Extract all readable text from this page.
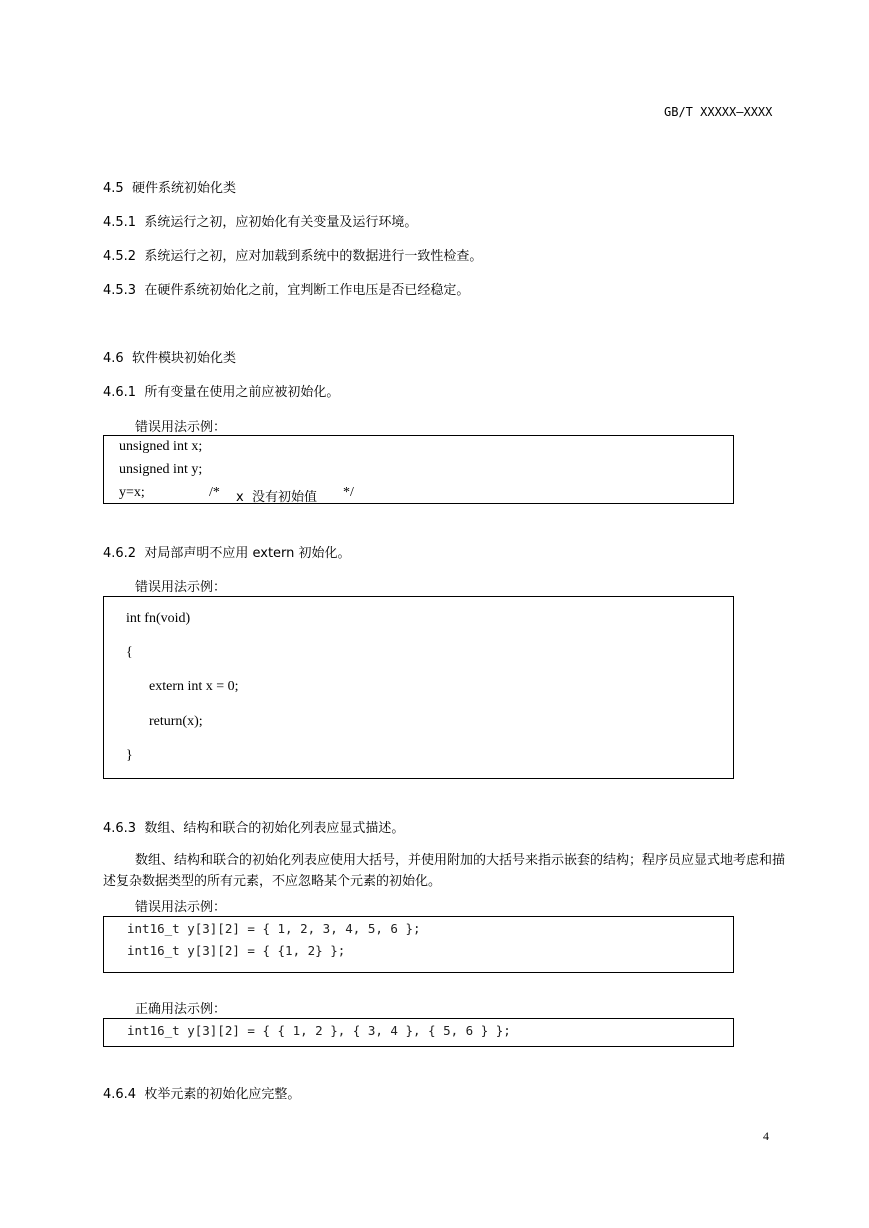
GB/T XXXXX—XXXX
4.5  硬件系统初始化类
4.5.1  系统运行之初，应初始化有关变量及运行环境。
4.5.2  系统运行之初，应对加载到系统中的数据进行一致性检查。
4.5.3  在硬件系统初始化之前，宜判断工作电压是否已经稳定。
4.6  软件模块初始化类
4.6.1  所有变量在使用之前应被初始化。
错误用法示例：
unsigned int x;
unsigned int y;
y=x;	/* x  没有初始值 */
4.6.2  对局部声明不应用 extern 初始化。
错误用法示例：
int fn(void)
{
extern int x = 0;
return(x);
}
4.6.3  数组、结构和联合的初始化列表应显式描述。
数组、结构和联合的初始化列表应使用大括号，并使用附加的大括号来指示嵌套的结构；程序员应显式地考虑和描述复杂数据类型的所有元素，不应忽略某个元素的初始化。
错误用法示例：
int16_t y[3][2] = { 1, 2, 3, 4, 5, 6 };
int16_t y[3][2] = { {1, 2} };
正确用法示例：
int16_t y[3][2] = { { 1, 2 }, { 3, 4 }, { 5, 6 } };
4.6.4  枚举元素的初始化应完整。
4
